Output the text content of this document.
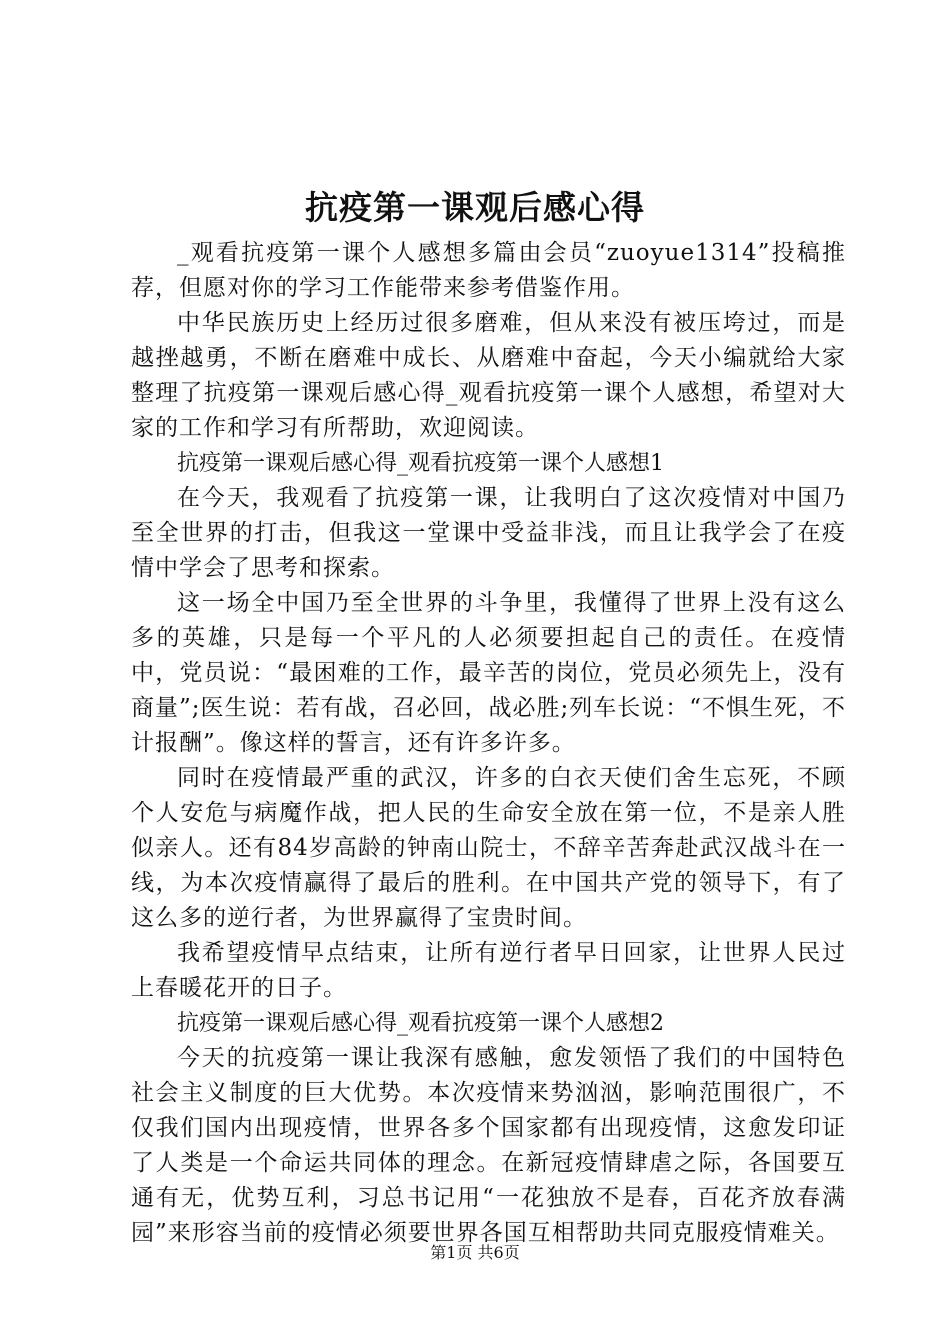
抗疫第一课观后感心得

_观看抗疫第一课个人感想多篇由会员“zuoyue1314”投稿推荐，但愿对你的学习工作能带来参考借鉴作用。

中华民族历史上经历过很多磨难，但从来没有被压垮过，而是越挫越勇，不断在磨难中成长、从磨难中奋起，今天小编就给大家整理了抗疫第一课观后感心得_观看抗疫第一课个人感想，希望对大家的工作和学习有所帮助，欢迎阅读。

抗疫第一课观后感心得_观看抗疫第一课个人感想1

在今天，我观看了抗疫第一课，让我明白了这次疫情对中国乃至全世界的打击，但我这一堂课中受益非浅，而且让我学会了在疫情中学会了思考和探索。

这一场全中国乃至全世界的斗争里，我懂得了世界上没有这么多的英雄，只是每一个平凡的人必须要担起自己的责任。在疫情中，党员说：“最困难的工作，最辛苦的岗位，党员必须先上，没有商量”;医生说：若有战，召必回，战必胜;列车长说：“不惧生死，不计报酬”。像这样的誓言，还有许多许多。

同时在疫情最严重的武汉，许多的白衣天使们舍生忘死，不顾个人安危与病魔作战，把人民的生命安全放在第一位，不是亲人胜似亲人。还有84岁高龄的钟南山院士，不辞辛苦奔赴武汉战斗在一线，为本次疫情赢得了最后的胜利。在中国共产党的领导下，有了这么多的逆行者，为世界赢得了宝贵时间。

我希望疫情早点结束，让所有逆行者早日回家，让世界人民过上春暖花开的日子。

抗疫第一课观后感心得_观看抗疫第一课个人感想2

今天的抗疫第一课让我深有感触，愈发领悟了我们的中国特色社会主义制度的巨大优势。本次疫情来势汹汹，影响范围很广，不仅我们国内出现疫情，世界各多个国家都有出现疫情，这愈发印证了人类是一个命运共同体的理念。在新冠疫情肆虐之际，各国要互通有无，优势互利，习总书记用“一花独放不是春，百花齐放春满园”来形容当前的疫情必须要世界各国互相帮助共同克服疫情难关。

第1页 共6页
